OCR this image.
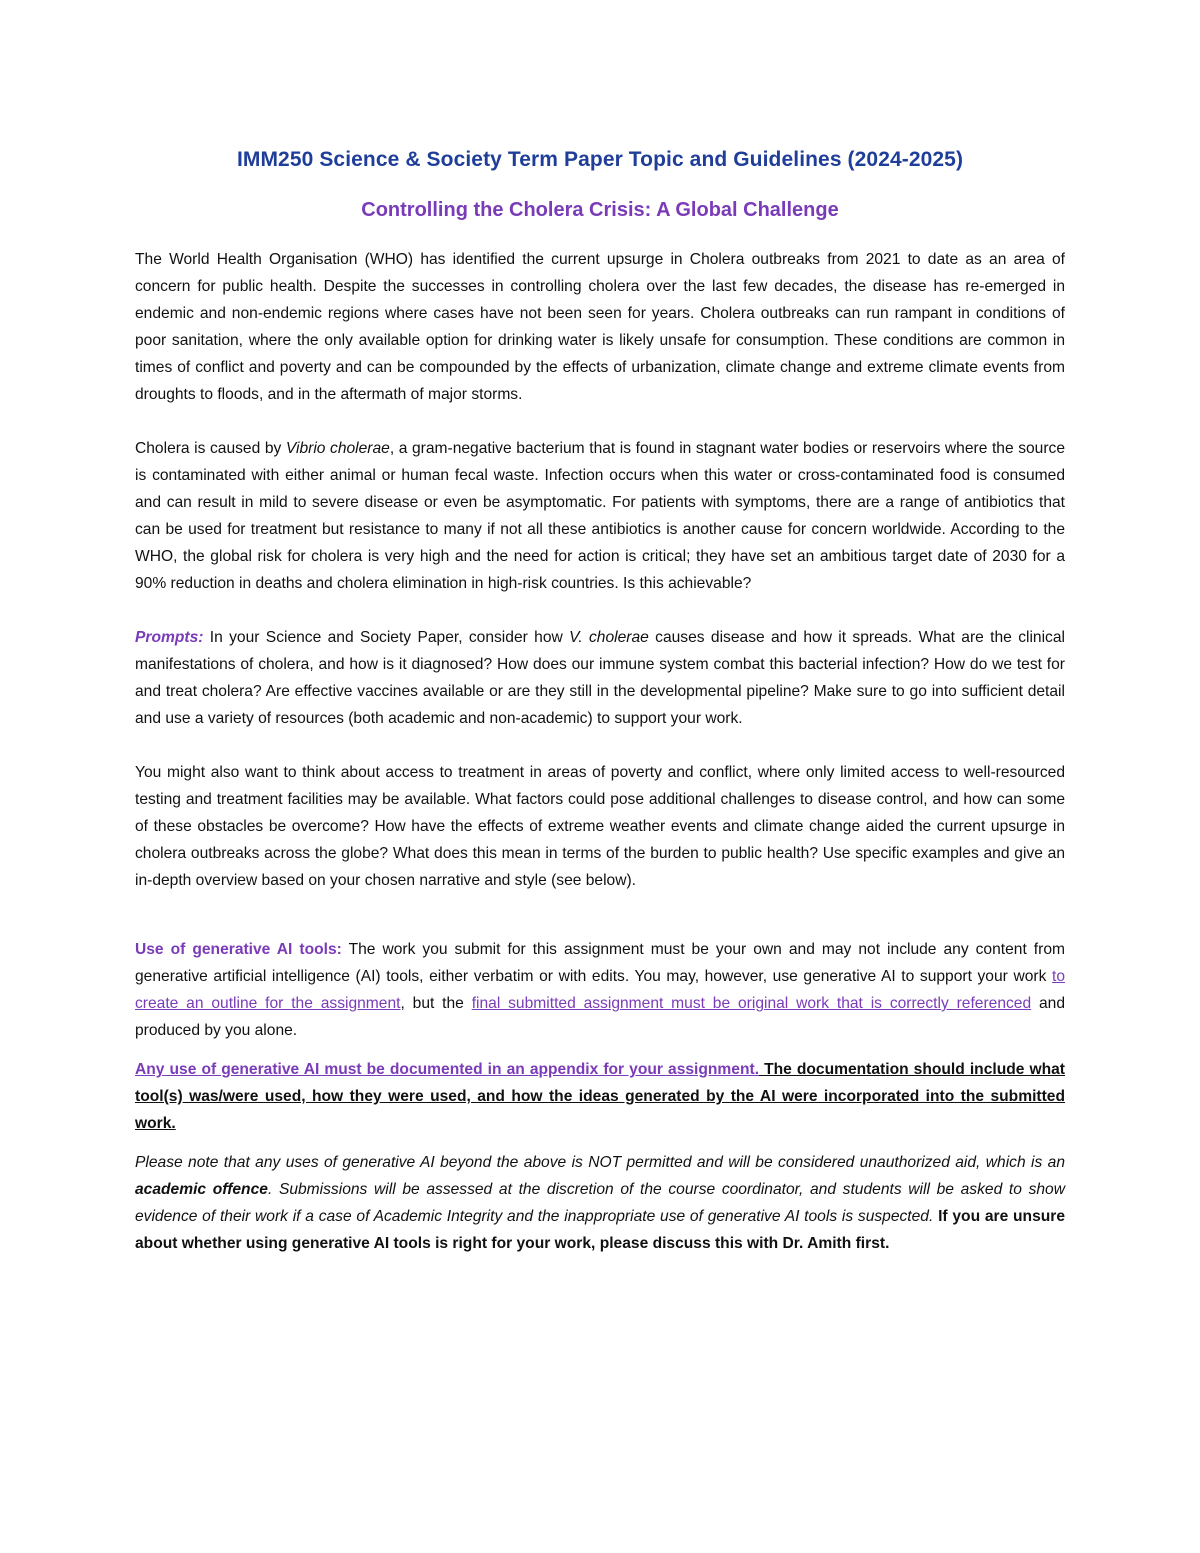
IMM250 Science & Society Term Paper Topic and Guidelines (2024-2025)
Controlling the Cholera Crisis: A Global Challenge

The World Health Organisation (WHO) has identified the current upsurge in Cholera outbreaks from 2021 to date as an area of concern for public health. Despite the successes in controlling cholera over the last few decades, the disease has re-emerged in endemic and non-endemic regions where cases have not been seen for years. Cholera outbreaks can run rampant in conditions of poor sanitation, where the only available option for drinking water is likely unsafe for consumption. These conditions are common in times of conflict and poverty and can be compounded by the effects of urbanization, climate change and extreme climate events from droughts to floods, and in the aftermath of major storms.

Cholera is caused by Vibrio cholerae, a gram-negative bacterium that is found in stagnant water bodies or reservoirs where the source is contaminated with either animal or human fecal waste. Infection occurs when this water or cross-contaminated food is consumed and can result in mild to severe disease or even be asymptomatic. For patients with symptoms, there are a range of antibiotics that can be used for treatment but resistance to many if not all these antibiotics is another cause for concern worldwide. According to the WHO, the global risk for cholera is very high and the need for action is critical; they have set an ambitious target date of 2030 for a 90% reduction in deaths and cholera elimination in high-risk countries. Is this achievable?

Prompts: In your Science and Society Paper, consider how V. cholerae causes disease and how it spreads. What are the clinical manifestations of cholera, and how is it diagnosed? How does our immune system combat this bacterial infection? How do we test for and treat cholera? Are effective vaccines available or are they still in the developmental pipeline? Make sure to go into sufficient detail and use a variety of resources (both academic and non-academic) to support your work.

You might also want to think about access to treatment in areas of poverty and conflict, where only limited access to well-resourced testing and treatment facilities may be available. What factors could pose additional challenges to disease control, and how can some of these obstacles be overcome? How have the effects of extreme weather events and climate change aided the current upsurge in cholera outbreaks across the globe? What does this mean in terms of the burden to public health? Use specific examples and give an in-depth overview based on your chosen narrative and style (see below).

Use of generative AI tools: The work you submit for this assignment must be your own and may not include any content from generative artificial intelligence (AI) tools, either verbatim or with edits. You may, however, use generative AI to support your work to create an outline for the assignment, but the final submitted assignment must be original work that is correctly referenced and produced by you alone.

Any use of generative AI must be documented in an appendix for your assignment. The documentation should include what tool(s) was/were used, how they were used, and how the ideas generated by the AI were incorporated into the submitted work.

Please note that any uses of generative AI beyond the above is NOT permitted and will be considered unauthorized aid, which is an academic offence. Submissions will be assessed at the discretion of the course coordinator, and students will be asked to show evidence of their work if a case of Academic Integrity and the inappropriate use of generative AI tools is suspected. If you are unsure about whether using generative AI tools is right for your work, please discuss this with Dr. Amith first.
